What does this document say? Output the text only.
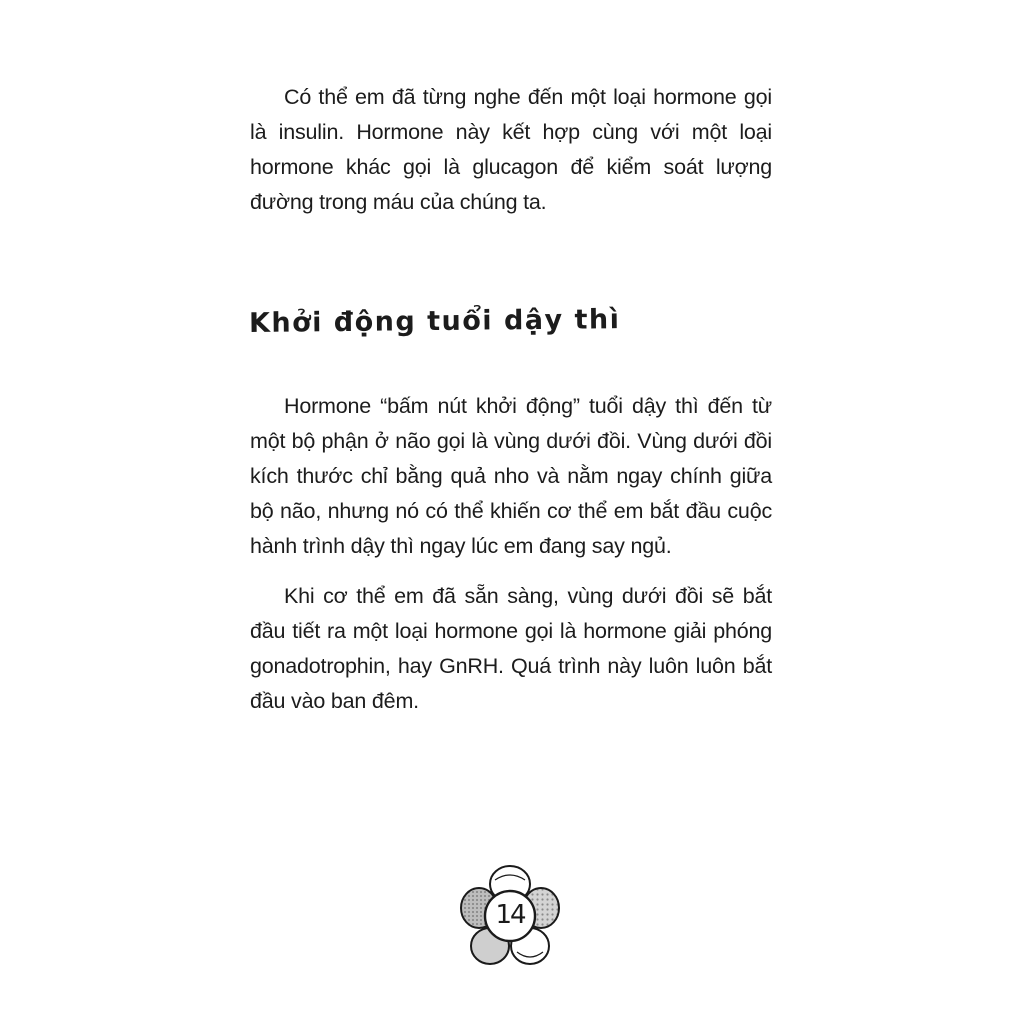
Có thể em đã từng nghe đến một loại hormone gọi là insulin. Hormone này kết hợp cùng với một loại hormone khác gọi là glucagon để kiểm soát lượng đường trong máu của chúng ta.

Khởi động tuổi dậy thì

Hormone “bấm nút khởi động” tuổi dậy thì đến từ một bộ phận ở não gọi là vùng dưới đồi. Vùng dưới đồi kích thước chỉ bằng quả nho và nằm ngay chính giữa bộ não, nhưng nó có thể khiến cơ thể em bắt đầu cuộc hành trình dậy thì ngay lúc em đang say ngủ.

Khi cơ thể em đã sẵn sàng, vùng dưới đồi sẽ bắt đầu tiết ra một loại hormone gọi là hormone giải phóng gonadotrophin, hay GnRH. Quá trình này luôn luôn bắt đầu vào ban đêm.

14
